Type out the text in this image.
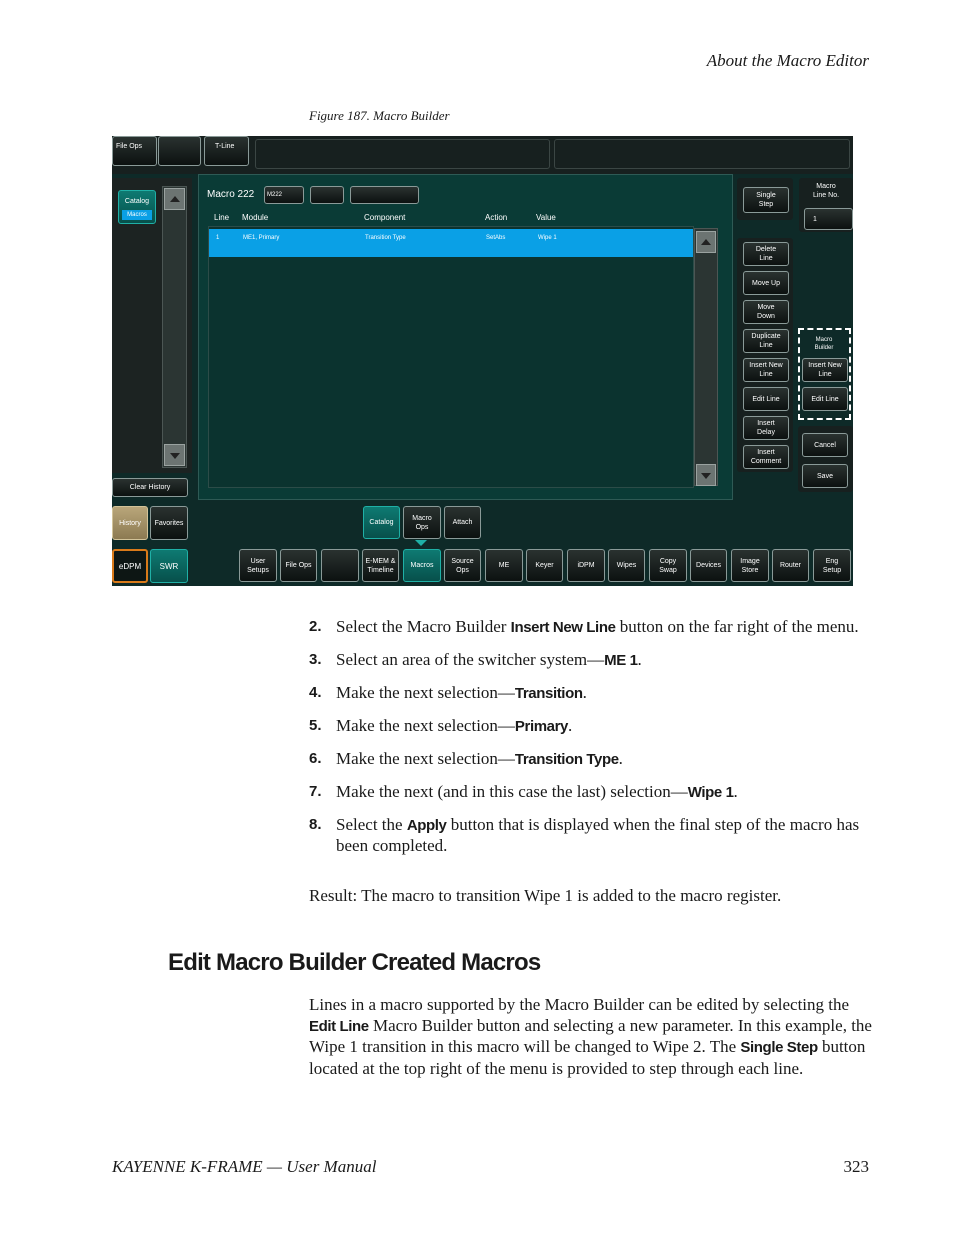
About the Macro Editor
Figure 187. Macro Builder
File Ops	T-Line
Catalog
Macros
Clear History
History	Favorites
eDPM	SWR
Macro 222	M222
Line Module	Component	Action	Value
1	ME1, Primary	Transition Type	SetAbs	Wipe 1
Single
Step
Delete
Line
Move Up
Move
Down
Duplicate
Line
Insert New
Line
Edit Line
Insert
Delay
Insert
Comment
Macro
Line No.
1
Macro
Builder
Insert New
Line
Edit Line
Cancel
Save
Catalog
Macro
Ops
Attach
User
Setups
File Ops
E-MEM &
Timeline
Macros
Source
Ops
ME	Keyer	iDPM	Wipes
Copy
Swap
Devices
Image
Store
Router
Eng
Setup
2. Select the Macro Builder Insert New Line button on the far right of the menu.
3. Select an area of the switcher system—ME 1.
4. Make the next selection—Transition.
5. Make the next selection—Primary.
6. Make the next selection—Transition Type.
7. Make the next (and in this case the last) selection—Wipe 1.
8. Select the Apply button that is displayed when the final step of the macro has been completed.
Result: The macro to transition Wipe 1 is added to the macro register.
Edit Macro Builder Created Macros
Lines in a macro supported by the Macro Builder can be edited by selecting the Edit Line Macro Builder button and selecting a new parameter. In this example, the Wipe 1 transition in this macro will be changed to Wipe 2. The Single Step button located at the top right of the menu is provided to step through each line.
KAYENNE K-FRAME — User Manual	323
